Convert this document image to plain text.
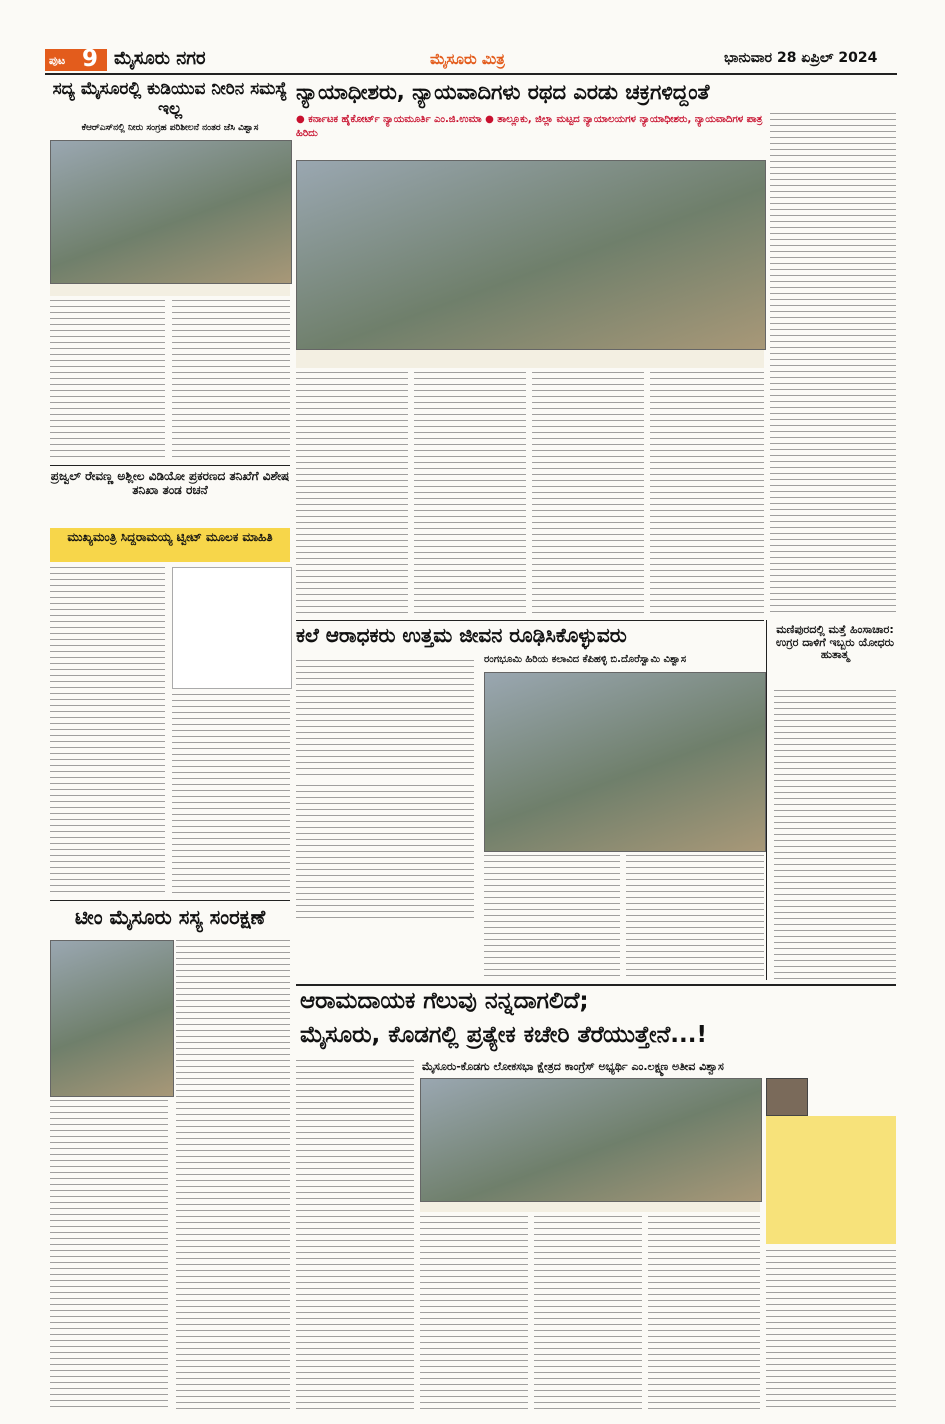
ಪುಟ 9 ಮೈಸೂರು ನಗರ	ಮೈಸೂರು ಮಿತ್ರ	ಭಾನುವಾರ 28 ಏಪ್ರಿಲ್ 2024
ಸದ್ಯ ಮೈಸೂರಲ್ಲಿ ಕುಡಿಯುವ ನೀರಿನ ಸಮಸ್ಯೆ ಇಲ್ಲ
ಕೆಆರ್‌ಎಸ್‌ನಲ್ಲಿ ನೀರು ಸಂಗ್ರಹ ಪರಿಶೀಲನೆ ನಂತರ ಜೆಸಿ ವಿಶ್ವಾಸ
ಪ್ರಜ್ವಲ್ ರೇವಣ್ಣ ಅಶ್ಲೀಲ ವಿಡಿಯೋ ಪ್ರಕರಣದ ತನಿಖೆಗೆ ವಿಶೇಷ ತನಿಖಾ ತಂಡ ರಚನೆ
ಮುಖ್ಯಮಂತ್ರಿ ಸಿದ್ದರಾಮಯ್ಯ ಟ್ವೀಟ್ ಮೂಲಕ ಮಾಹಿತಿ
ಟೀಂ ಮೈಸೂರು ಸಸ್ಯ ಸಂರಕ್ಷಣೆ
ನ್ಯಾಯಾಧೀಶರು, ನ್ಯಾಯವಾದಿಗಳು ರಥದ ಎರಡು ಚಕ್ರಗಳಿದ್ದಂತೆ
● ಕರ್ನಾಟಕ ಹೈಕೋರ್ಟ್ ನ್ಯಾಯಮೂರ್ತಿ ಎಂ.ಜಿ.ಉಮಾ ● ತಾಲ್ಲೂಕು, ಜಿಲ್ಲಾ ಮಟ್ಟದ ನ್ಯಾಯಾಲಯಗಳ ನ್ಯಾಯಾಧೀಶರು, ನ್ಯಾಯವಾದಿಗಳ ಪಾತ್ರ ಹಿರಿದು
ಕಲೆ ಆರಾಧಕರು ಉತ್ತಮ ಜೀವನ ರೂಢಿಸಿಕೊಳ್ಳುವರು
ರಂಗಭೂಮಿ ಹಿರಿಯ ಕಲಾವಿದ ಕೆಪಿಹಳ್ಳಿ ಬಿ.ದೊರೆಸ್ವಾಮಿ ವಿಶ್ವಾಸ
ಮಣಿಪುರದಲ್ಲಿ ಮತ್ತೆ ಹಿಂಸಾಚಾರ: ಉಗ್ರರ ದಾಳಿಗೆ ಇಬ್ಬರು ಯೋಧರು ಹುತಾತ್ಮ
ಆರಾಮದಾಯಕ ಗೆಲುವು ನನ್ನದಾಗಲಿದೆ;
ಮೈಸೂರು, ಕೊಡಗಲ್ಲಿ ಪ್ರತ್ಯೇಕ ಕಚೇರಿ ತೆರೆಯುತ್ತೇನೆ...!
ಮೈಸೂರು-ಕೊಡಗು ಲೋಕಸಭಾ ಕ್ಷೇತ್ರದ ಕಾಂಗ್ರೆಸ್ ಅಭ್ಯರ್ಥಿ ಎಂ.ಲಕ್ಷ್ಮಣ ಅತೀವ ವಿಶ್ವಾಸ
